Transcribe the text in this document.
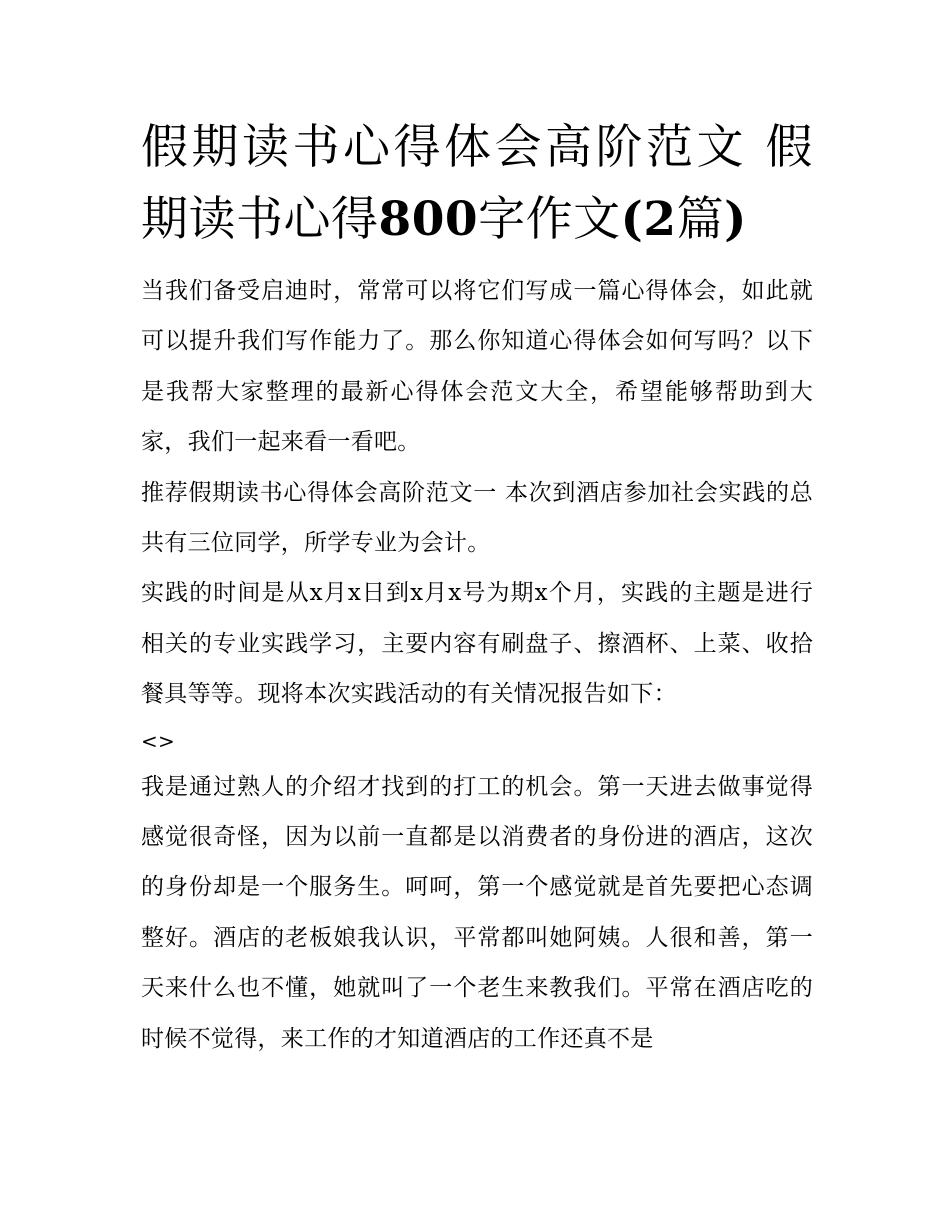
假期读书心得体会高阶范文 假期读书心得800字作文(2篇)

当我们备受启迪时，常常可以将它们写成一篇心得体会，如此就可以提升我们写作能力了。那么你知道心得体会如何写吗？以下是我帮大家整理的最新心得体会范文大全，希望能够帮助到大家，我们一起来看一看吧。

推荐假期读书心得体会高阶范文一 本次到酒店参加社会实践的总共有三位同学，所学专业为会计。

实践的时间是从x月x日到x月x号为期x个月，实践的主题是进行相关的专业实践学习，主要内容有刷盘子、擦酒杯、上菜、收拾餐具等等。现将本次实践活动的有关情况报告如下：

<>

我是通过熟人的介绍才找到的打工的机会。第一天进去做事觉得感觉很奇怪，因为以前一直都是以消费者的身份进的酒店，这次的身份却是一个服务生。呵呵，第一个感觉就是首先要把心态调整好。酒店的老板娘我认识，平常都叫她阿姨。人很和善，第一天来什么也不懂，她就叫了一个老生来教我们。平常在酒店吃的时候不觉得，来工作的才知道酒店的工作还真不是
